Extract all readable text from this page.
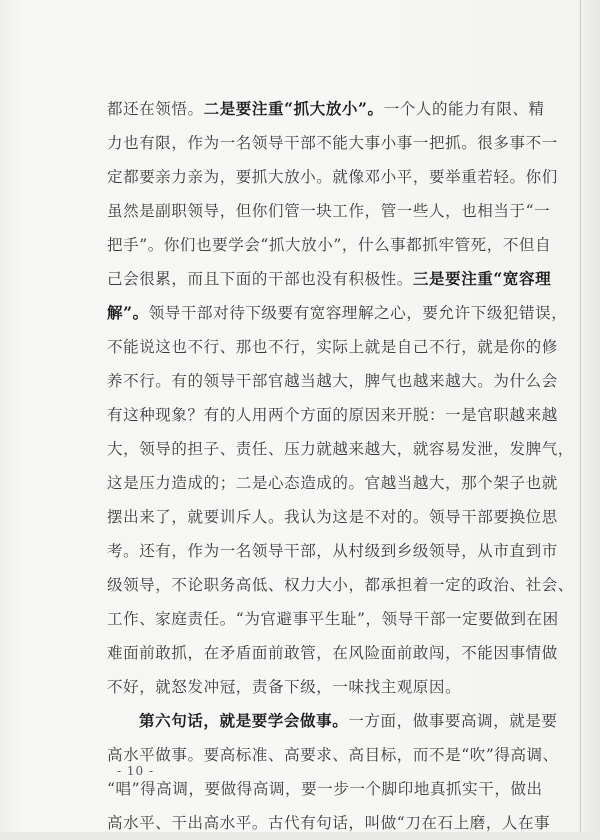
都还在领悟。二是要注重“抓大放小”。一个人的能力有限、精
力也有限，作为一名领导干部不能大事小事一把抓。很多事不一
定都要亲力亲为，要抓大放小。就像邓小平，要举重若轻。你们
虽然是副职领导，但你们管一块工作，管一些人，也相当于“一
把手”。你们也要学会“抓大放小”，什么事都抓牢管死，不但自
己会很累，而且下面的干部也没有积极性。三是要注重“宽容理
解”。领导干部对待下级要有宽容理解之心，要允许下级犯错误，
不能说这也不行、那也不行，实际上就是自己不行，就是你的修
养不行。有的领导干部官越当越大，脾气也越来越大。为什么会
有这种现象？有的人用两个方面的原因来开脱：一是官职越来越
大，领导的担子、责任、压力就越来越大，就容易发泄，发脾气，
这是压力造成的；二是心态造成的。官越当越大，那个架子也就
摆出来了，就要训斥人。我认为这是不对的。领导干部要换位思
考。还有，作为一名领导干部，从村级到乡级领导，从市直到市
级领导，不论职务高低、权力大小，都承担着一定的政治、社会、
工作、家庭责任。“为官避事平生耻”，领导干部一定要做到在困
难面前敢抓，在矛盾面前敢管，在风险面前敢闯，不能因事情做
不好，就怒发冲冠，责备下级，一味找主观原因。
第六句话，就是要学会做事。一方面，做事要高调，就是要
高水平做事。要高标准、高要求、高目标，而不是“吹”得高调、
“唱”得高调，要做得高调，要一步一个脚印地真抓实干，做出
高水平、干出高水平。古代有句话，叫做“刀在石上磨，人在事
- 10 -
